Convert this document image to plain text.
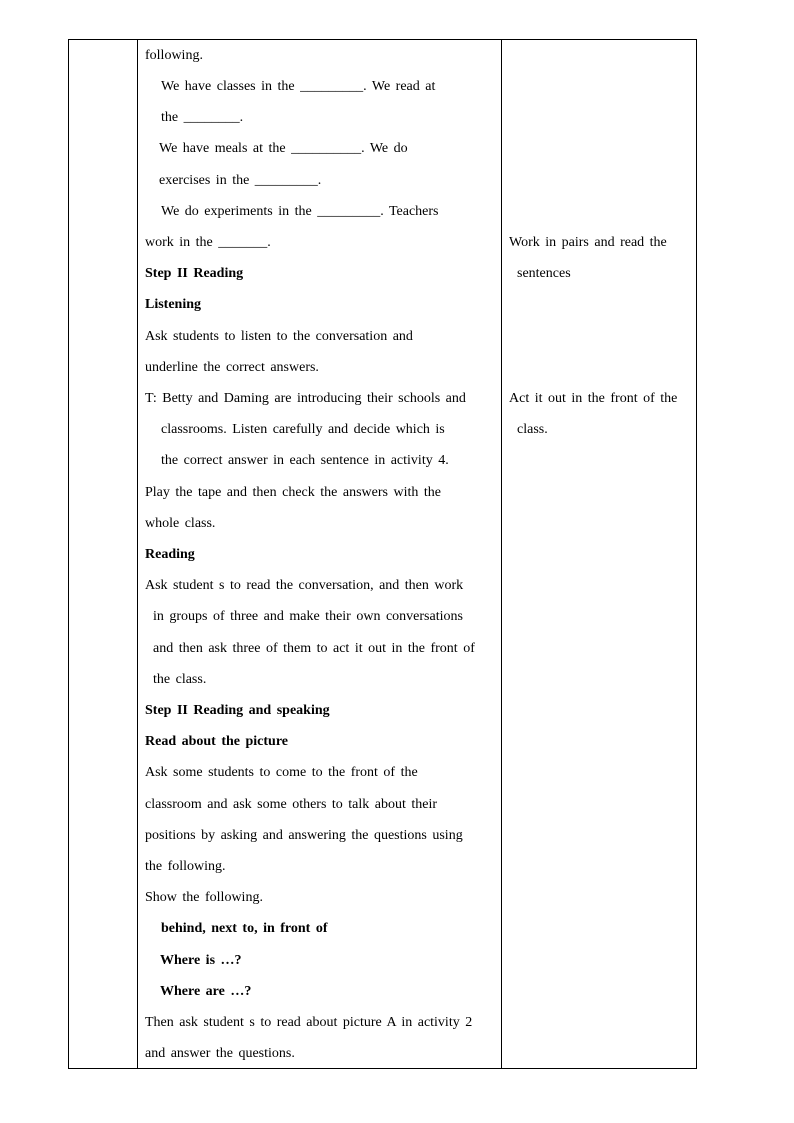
following.
We have classes in the _________. We read at
the ________.
We have meals at the __________. We do
exercises in the _________.
We do experiments in the _________. Teachers
work in the _______.
Step II Reading
Listening
Ask students to listen to the conversation and
underline the correct answers.
T: Betty and Daming are introducing their schools and
classrooms. Listen carefully and decide which is
the correct answer in each sentence in activity 4.
Play the tape and then check the answers with the
whole class.
Reading
Ask student s to read the conversation, and then work
in groups of three and make their own conversations
and then ask three of them to act it out in the front of
the class.
Step II Reading and speaking
Read about the picture
Ask some students to come to the front of the
classroom and ask some others to talk about their
positions by asking and answering the questions using
the following.
Show the following.
behind, next to, in front of
Where is …?
Where are …?
Then ask student s to read about picture A in activity 2
and answer the questions.
Work in pairs and read the
sentences
Act it out in the front of the
class.
